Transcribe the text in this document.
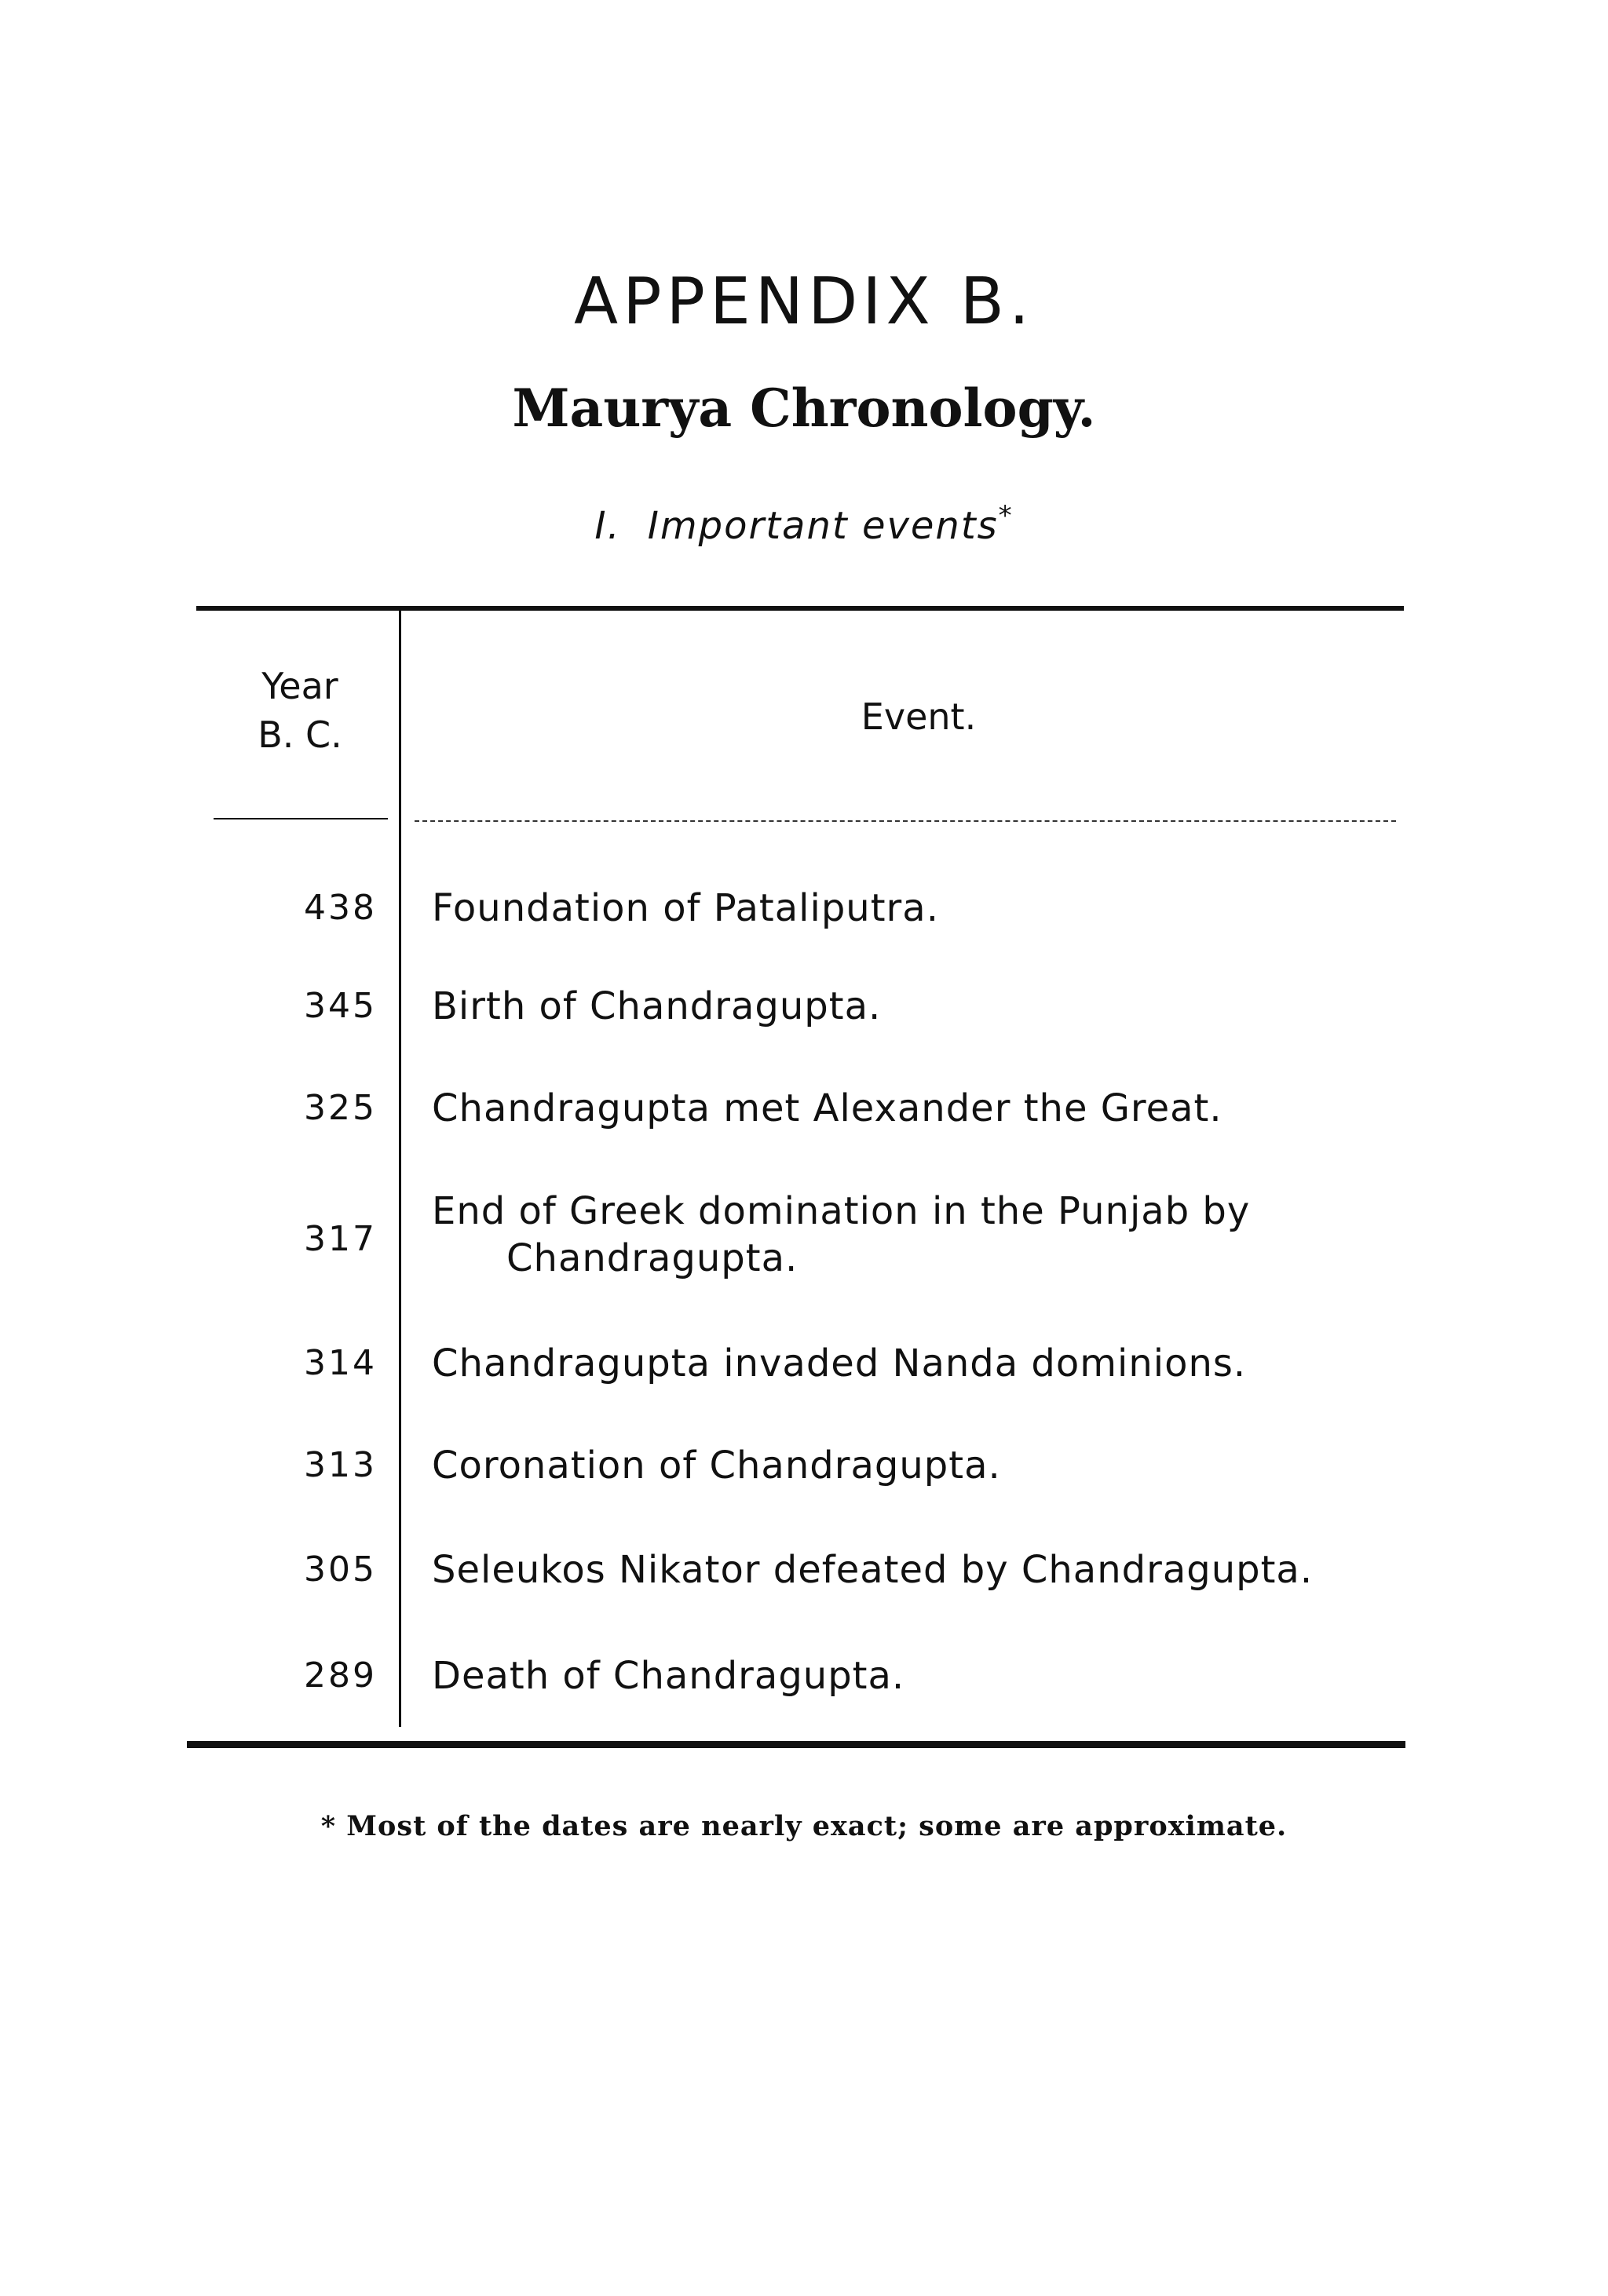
APPENDIX B.
Maurya Chronology.
I. Important events*
Year
B. C.	Event.
438 Foundation of Pataliputra.
345 Birth of Chandragupta.
325 Chandragupta met Alexander the Great.
317
End of Greek domination in the Punjab by
Chandragupta.
314 Chandragupta invaded Nanda dominions.
313 Coronation of Chandragupta.
305 Seleukos Nikator defeated by Chandragupta.
289 Death of Chandragupta.
* Most of the dates are nearly exact; some are approximate.
